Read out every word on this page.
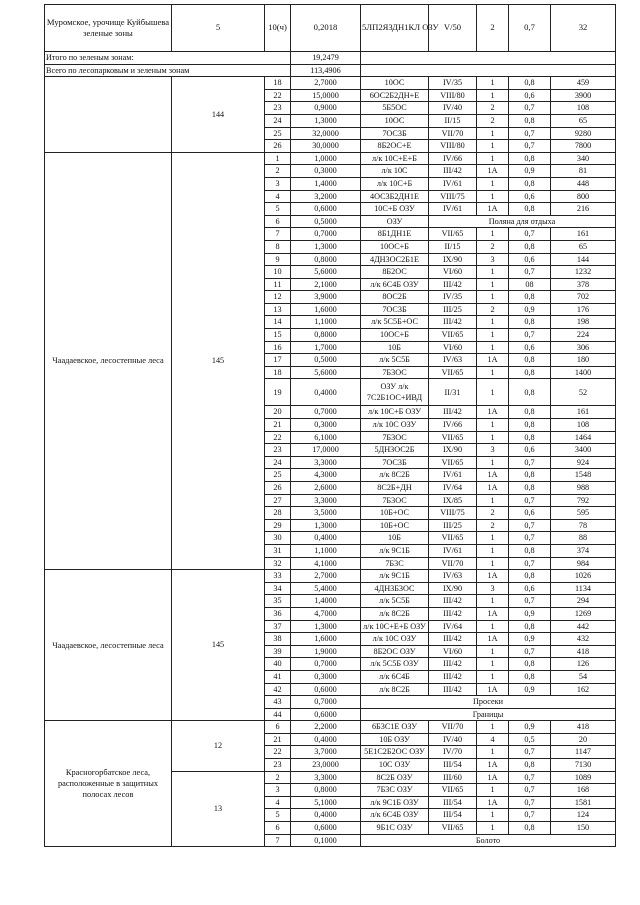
Муромское, урочище Куйбышева зеленые зоны	5	10(ч)	0,2018	5ЛП2ЯЗДН1КЛ ОЗУ	V/50	2	0,7	32
Итого по зеленым зонам:			19,2479					
Всего по лесопарковым и зеленым зонам			113,4906					
	144	18	2,7000	10ОС	IV/35	1	0,8	459
		22	15,0000	6ОС2Б2ДН+Е	VIII/80	1	0,6	3900
		23	0,9000	5Б5ОС	IV/40	2	0,7	108
		24	1,3000	10ОС	II/15	2	0,8	65
		25	32,0000	7ОС3Б	VII/70	1	0,7	9280
		26	30,0000	8Б2ОС+Е	VIII/80	1	0,7	7800
Чаадаевское, лесостепные леса	145	1	1,0000	л/к 10С+Е+Б	IV/66	1	0,8	340
		2	0,3000	л/к 10С	III/42	1А	0,9	81
		3	1,4000	л/к 10С+Б	IV/61	1	0,8	448
		4	3,2000	4ОС3Б2ДН1Е	VIII/75	1	0,6	800
		5	0,6000	10С+Б ОЗУ	IV/61	1А	0,8	216
		6	0,5000	ОЗУ	Поляна для отдыха			
		7	0,7000	8Б1ДН1Е	VII/65	1	0,7	161
		8	1,3000	10ОС+Б	II/15	2	0,8	65
		9	0,8000	4ДН3ОС2Б1Е	IX/90	3	0,6	144
		10	5,6000	8Б2ОС	VI/60	1	0,7	1232
		11	2,1000	л/к 6С4Б ОЗУ	III/42	1	08	378
		12	3,9000	8ОС2Б	IV/35	1	0,8	702
		13	1,6000	7ОС3Б	III/25	2	0,9	176
		14	1,1000	л/к 5С5Б+ОС	III/42	1	0,8	198
		15	0,8000	10ОС+Б	VII/65	1	0,7	224
		16	1,7000	10Б	VI/60	1	0,6	306
		17	0,5000	л/к 5С5Б	IV/63	1А	0,8	180
		18	5,6000	7Б3ОС	VII/65	1	0,8	1400
		19	0,4000	ОЗУ л/к 7С2Б1ОС+ИВД	II/31	1	0,8	52
		20	0,7000	л/к 10С+Б ОЗУ	III/42	1А	0,8	161
		21	0,3000	л/к 10С ОЗУ	IV/66	1	0,8	108
		22	6,1000	7Б3ОС	VII/65	1	0,8	1464
		23	17,0000	5ДН3ОС2Б	IX/90	3	0,6	3400
		24	3,3000	7ОС3Б	VII/65	1	0,7	924
		25	4,3000	л/к 8С2Б	IV/61	1А	0,8	1548
		26	2,6000	8С2Б+ДН	IV/64	1А	0,8	988
		27	3,3000	7Б3ОС	IX/85	1	0,7	792
		28	3,5000	10Б+ОС	VIII/75	2	0,6	595
		29	1,3000	10Б+ОС	III/25	2	0,7	78
		30	0,4000	10Б	VII/65	1	0,7	88
		31	1,1000	л/к 9С1Б	IV/61	1	0,8	374
		32	4,1000	7Б3С	VII/70	1	0,7	984
Чаадаевское, лесостепные леса	145	33	2,7000	л/к 9С1Б	IV/63	1А	0,8	1026
		34	5,4000	4ДН3Б3ОС	IX/90	3	0,6	1134
		35	1,4000	л/к 5С5Б	III/42	1	0,7	294
		36	4,7000	л/к 8С2Б	III/42	1А	0,9	1269
		37	1,3000	л/к 10С+Е+Б ОЗУ	IV/64	1	0,8	442
		38	1,6000	л/к 10С ОЗУ	III/42	1А	0,9	432
		39	1,9000	8Б2ОС ОЗУ	VI/60	1	0,7	418
		40	0,7000	л/к 5С5Б ОЗУ	III/42	1	0,8	126
		41	0,3000	л/к 6С4Б	III/42	1	0,8	54
		42	0,6000	л/к 8С2Б	III/42	1А	0,9	162
		43	0,7000	Просеки				
		44	0,6000	Границы				
Красногорбатское леса, расположенные в защитных полосах лесов	12	6	2,2000	6Б3С1Е ОЗУ	VII/70	1	0,9	418
		21	0,4000	10Б ОЗУ	IV/40	4	0,5	20
		22	3,7000	5Е1С2Б2ОС ОЗУ	IV/70	1	0,7	1147
		23	23,0000	10С ОЗУ	III/54	1А	0,8	7130
	13	2	3,3000	8С2Б ОЗУ	III/60	1А	0,7	1089
		3	0,8000	7Б3С ОЗУ	VII/65	1	0,7	168
		4	5,1000	л/к 9С1Б ОЗУ	III/54	1А	0,7	1581
		5	0,4000	л/к 6С4Б ОЗУ	III/54	1	0,7	124
		6	0,6000	9Б1С ОЗУ	VII/65	1	0,8	150
		7	0,1000	Болото				
